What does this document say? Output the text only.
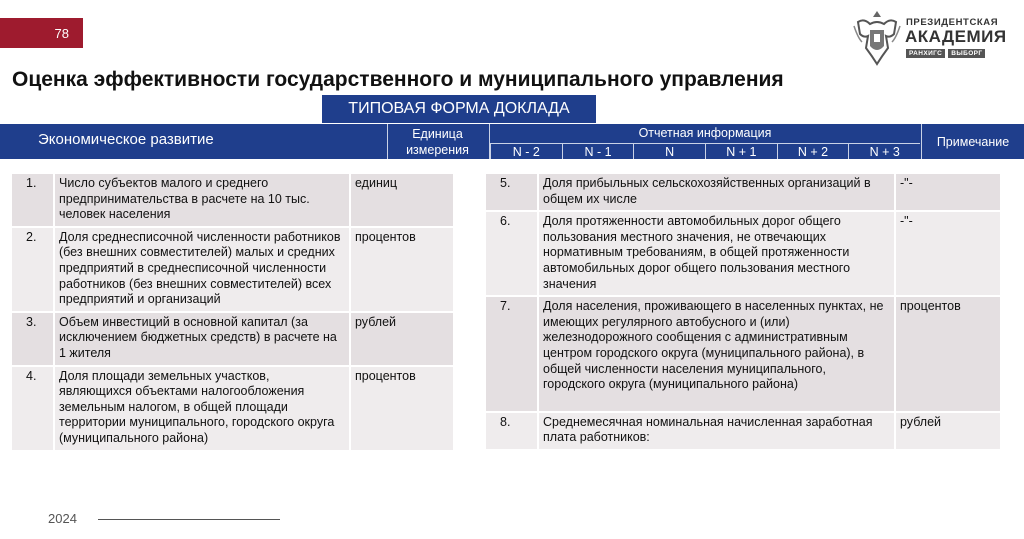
78
ПРЕЗИДЕНТСКАЯ
АКАДЕМИЯ
РАНХИГС	ВЫБОРГ
Оценка эффективности государственного и муниципального управления
ТИПОВАЯ ФОРМА ДОКЛАДА
Экономическое развитие	Единица измерения
Отчетная информация
N - 2	N - 1	N	N + 1	N + 2	N + 3
Примечание
1.	Число субъектов малого и среднего предпринимательства в расчете на 10 тыс. человек населения	единиц
2.	Доля среднесписочной численности работников (без внешних совместителей) малых и средних предприятий в среднесписочной численности работников (без внешних совместителей) всех предприятий и организаций	процентов
3.	Объем инвестиций в основной капитал (за исключением бюджетных средств) в расчете на 1 жителя	рублей
4.	Доля площади земельных участков, являющихся объектами налогообложения земельным налогом, в общей площади территории муниципального, городского округа (муниципального района)	процентов
5.	Доля прибыльных сельскохозяйственных организаций в общем их числе	-"-
6.	Доля протяженности автомобильных дорог общего пользования местного значения, не отвечающих нормативным требованиям, в общей протяженности автомобильных дорог общего пользования местного значения	-"-
7.	Доля населения, проживающего в населенных пунктах, не имеющих регулярного автобусного и (или) железнодорожного сообщения с административным центром городского округа (муниципального района), в общей численности населения муниципального, городского округа (муниципального района)	процентов
8.	Среднемесячная номинальная начисленная заработная плата работников:	рублей
2024
